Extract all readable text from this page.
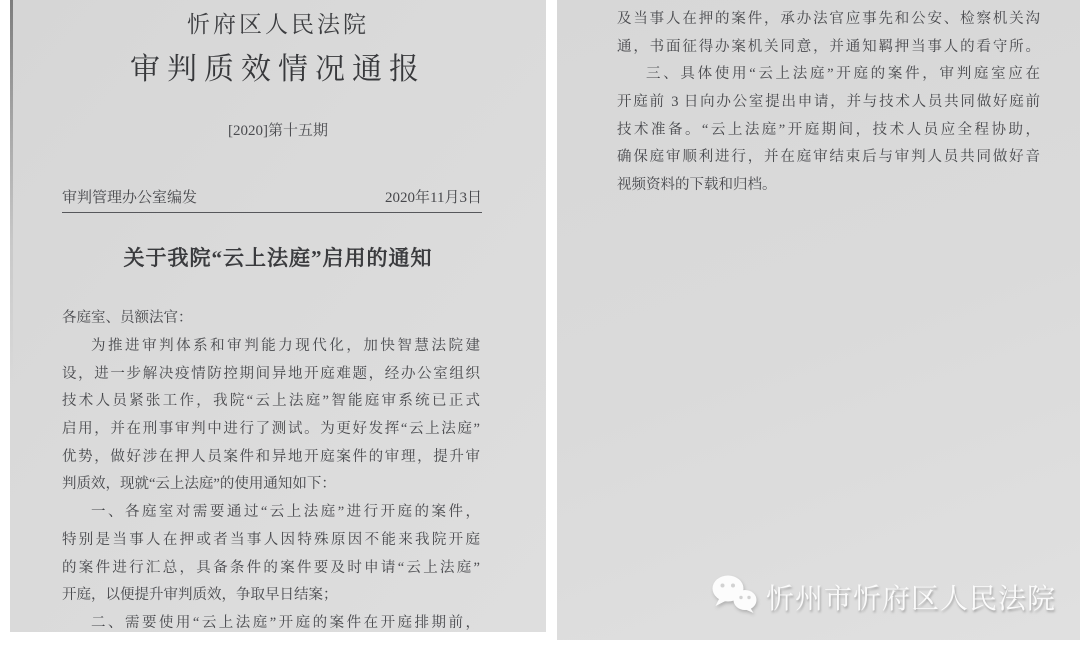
忻府区人民法院
审判质效情况通报
[2020]第十五期
审判管理办公室编发	2020年11月3日
关于我院“云上法庭”启用的通知
各庭室、员额法官：
为推进审判体系和审判能力现代化，加快智慧法院建
设，进一步解决疫情防控期间异地开庭难题，经办公室组织
技术人员紧张工作，我院“云上法庭”智能庭审系统已正式
启用，并在刑事审判中进行了测试。为更好发挥“云上法庭”
优势，做好涉在押人员案件和异地开庭案件的审理，提升审
判质效，现就“云上法庭”的使用通知如下：
一、各庭室对需要通过“云上法庭”进行开庭的案件，
特别是当事人在押或者当事人因特殊原因不能来我院开庭
的案件进行汇总，具备条件的案件要及时申请“云上法庭”
开庭，以便提升审判质效，争取早日结案；
二、需要使用“云上法庭”开庭的案件在开庭排期前，
及当事人在押的案件，承办法官应事先和公安、检察机关沟
通，书面征得办案机关同意，并通知羁押当事人的看守所。
三、具体使用“云上法庭”开庭的案件，审判庭室应在
开庭前 3 日向办公室提出申请，并与技术人员共同做好庭前
技术准备。“云上法庭”开庭期间，技术人员应全程协助，
确保庭审顺利进行，并在庭审结束后与审判人员共同做好音
视频资料的下载和归档。
忻州市忻府区人民法院
